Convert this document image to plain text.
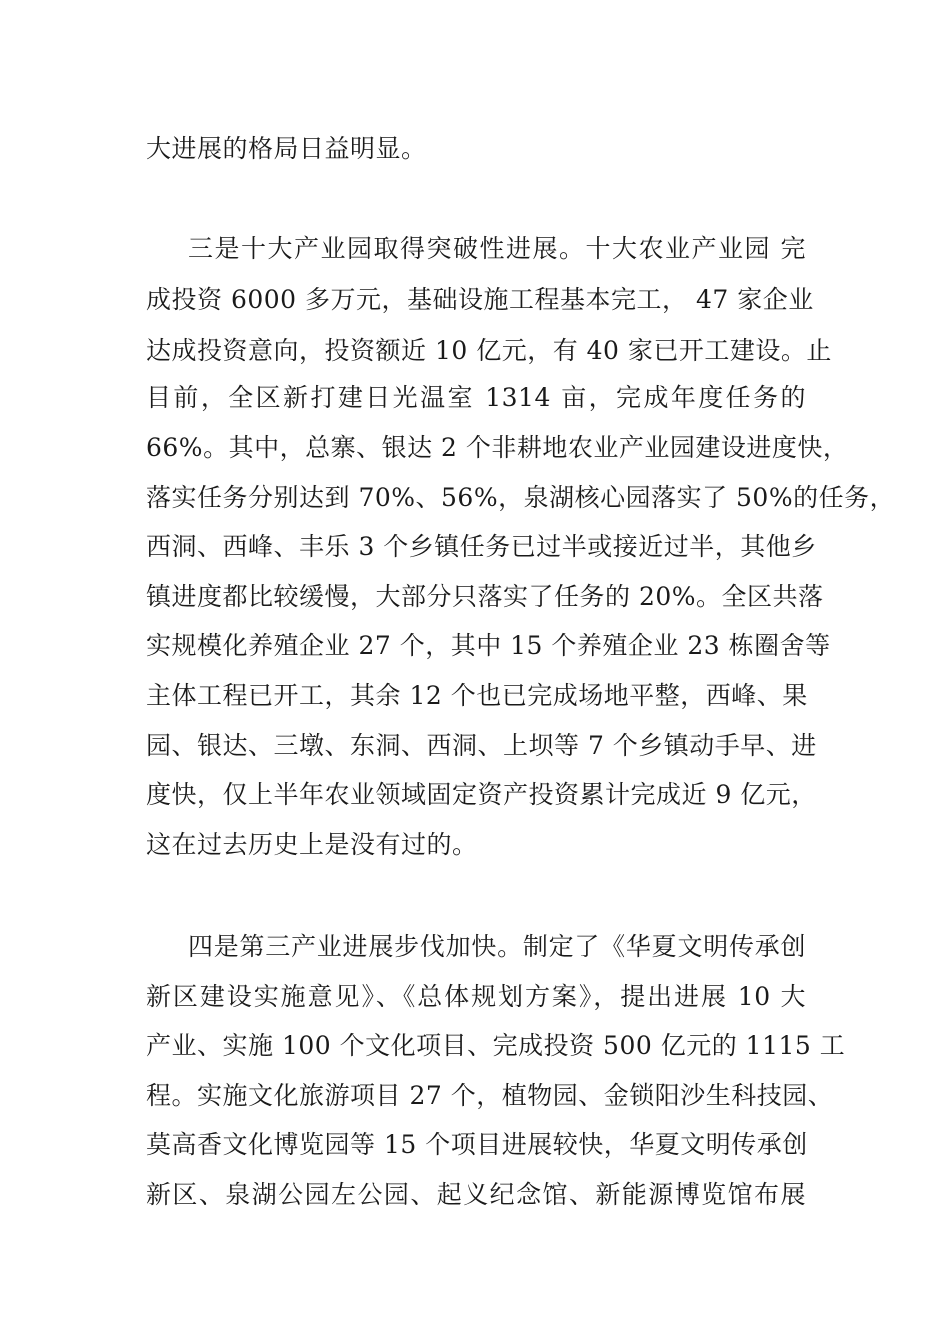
大进展的格局日益明显。
三是十大产业园取得突破性进展。十大农业产业园 完
成投资 6000 多万元，基础设施工程基本完工， 47 家企业
达成投资意向，投资额近 10 亿元，有 40 家已开工建设。止
目前，全区新打建日光温室 1314 亩，完成年度任务的
66%。其中，总寨、银达 2 个非耕地农业产业园建设进度快，
落实任务分别达到 70%、56%，泉湖核心园落实了 50%的任务，
西洞、西峰、丰乐 3 个乡镇任务已过半或接近过半，其他乡
镇进度都比较缓慢，大部分只落实了任务的 20%。全区共落
实规模化养殖企业 27 个，其中 15 个养殖企业 23 栋圈舍等
主体工程已开工，其余 12 个也已完成场地平整，西峰、果
园、银达、三墩、东洞、西洞、上坝等 7 个乡镇动手早、进
度快，仅上半年农业领域固定资产投资累计完成近 9 亿元，
这在过去历史上是没有过的。
四是第三产业进展步伐加快。制定了《华夏文明传承创
新区建设实施意见》、《总体规划方案》，提出进展 10 大
产业、实施 100 个文化项目、完成投资 500 亿元的 1115 工
程。实施文化旅游项目 27 个，植物园、金锁阳沙生科技园、
莫高香文化博览园等 15 个项目进展较快，华夏文明传承创
新区、泉湖公园左公园、起义纪念馆、新能源博览馆布展
